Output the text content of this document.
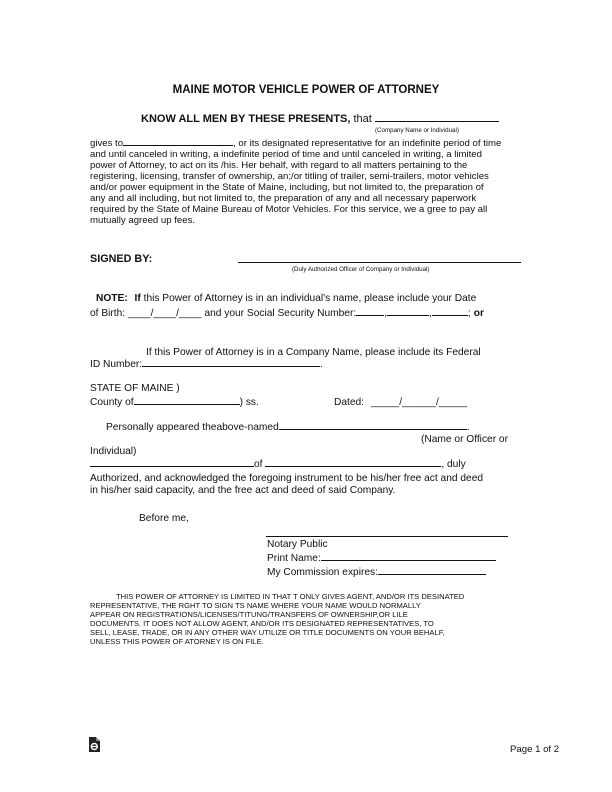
MAINE MOTOR VEHICLE POWER OF ATTORNEY
KNOW ALL MEN BY THESE PRESENTS, that
(Company Name or Individual)
gives to	, or its designated representative for an indefinite period of time
and until canceled in writing, a indefinite period of time and until canceled in writing, a limited
power of Attorney, to act on its /his. Her behalf, with regard to all matters pertaining to the
registering, licensing, transfer of ownership, an;/or titling of trailer, semi-trailers, motor vehicles
and/or power equipment in the State of Maine, including, but not limited to, the preparation of
any and all including, but not limited to, the preparation of any and all necessary paperwork
required by the State of Maine Bureau of Motor Vehicles. For this service, we a gree to pay all
mutually agreed up fees.
SIGNED BY:
(Duly Authorized Officer of Company or Individual)
NOTE: If this Power of Attorney is in an individual's name, please include your Date
of Birth: ____/____/____ and your Social Security Number:	,	,	; or
If this Power of Attorney is in a Company Name, please include its Federal
ID Number:	.
STATE OF MAINE )
County of	) ss.	Dated: _____/______/_____
Personally appeared theabove-named	.
(Name or Officer or
Individual)
of	, duly
Authorized, and acknowledged the foregoing instrument to be his/her free act and deed
in his/her said capacity, and the free act and deed of said Company.
Before me,
Notary Public
Print Name:
My Commission expires:
THIS POWER OF ATTORNEY IS LIMITED IN THAT T ONLY GIVES AGENT, AND/OR ITS DESINATED
REPRESENTATIVE, THE RGHT TO SIGN TS NAME WHERE YOUR NAME WOULD NORMALLY
APPEAR ON REGISTRATIONS/LICENSES/TITUNG/TRANSFERS OF OWNERSHIP,OR LILE
DOCUMENTS. IT DOES NOT ALLOW AGENT, AND/OR ITS DESIGNATED REPRESENTATIVES, TO
SELL, LEASE, TRADE, OR IN ANY OTHER WAY UTILIZE OR TITLE DOCUMENTS ON YOUR BEHALF,
UNLESS THIS POWER OF ATORNEY IS ON FILE.
Page 1 of 2
